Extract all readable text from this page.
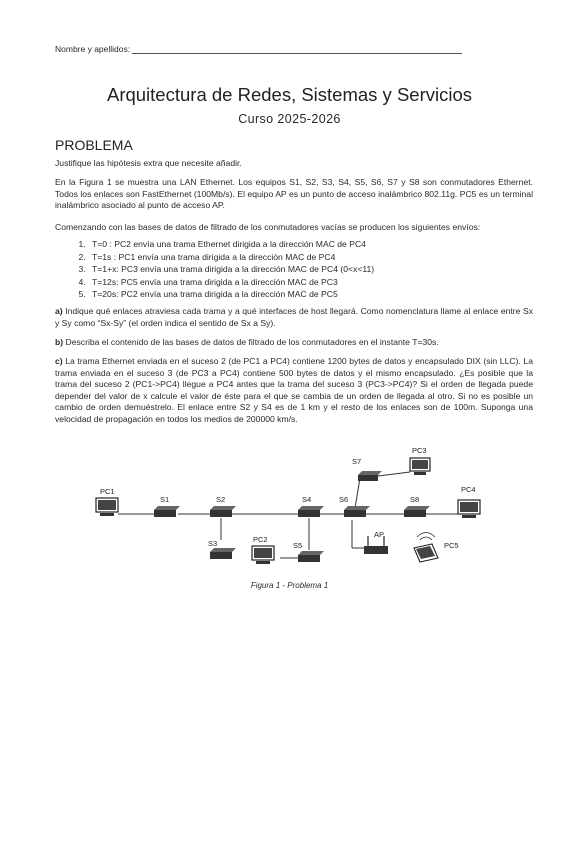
Nombre y apellidos:
Arquitectura de Redes, Sistemas y Servicios
Curso 2025-2026
PROBLEMA
Justifique las hipótesis extra que necesite añadir.
En la Figura 1 se muestra una LAN Ethernet. Los equipos S1, S2, S3, S4, S5, S6, S7 y S8 son conmutadores Ethernet. Todos los enlaces son FastEthernet (100Mb/s). El equipo AP es un punto de acceso inalámbrico 802.11g. PC5 es un terminal inalámbrico asociado al punto de acceso AP.
Comenzando con las bases de datos de filtrado de los conmutadores vacías se producen los siguientes envíos:
1. T=0 : PC2 envía una trama Ethernet dirigida a la dirección MAC de PC4
2. T=1s : PC1 envía una trama dirigida a la dirección MAC de PC4
3. T=1+x: PC3 envía una trama dirigida a la dirección MAC de PC4 (0<x<11)
4. T=12s: PC5 envía una trama dirigida a la dirección MAC de PC3
5. T=20s: PC2 envía una trama dirigida a la dirección MAC de PC5
a) Indique qué enlaces atraviesa cada trama y a qué interfaces de host llegará. Como nomenclatura llame al enlace entre Sx y Sy como “Sx-Sy” (el orden indica el sentido de Sx a Sy).
b) Describa el contenido de las bases de datos de filtrado de los conmutadores en el instante T=30s.
c) La trama Ethernet enviada en el suceso 2 (de PC1 a PC4) contiene 1200 bytes de datos y encapsulado DIX (sin LLC). La trama enviada en el suceso 3 (de PC3 a PC4) contiene 500 bytes de datos y el mismo encapsulado. ¿Es posible que la trama del suceso 2 (PC1->PC4) llegue a PC4 antes que la trama del suceso 3 (PC3->PC4)? Si el orden de llegada puede depender del valor de x calcule el valor de éste para el que se cambia de un orden de llegada al otro. Si no es posible un cambio de orden demuéstrelo. El enlace entre S2 y S4 es de 1 km y el resto de los enlaces son de 100m. Suponga una velocidad de propagación en todos los medios de 200000 km/s.
PC1
S1	S2
S3	PC2
S4
S5
S6
S7
PC3
S8
PC4
AP
PC5
Figura 1 - Problema 1
